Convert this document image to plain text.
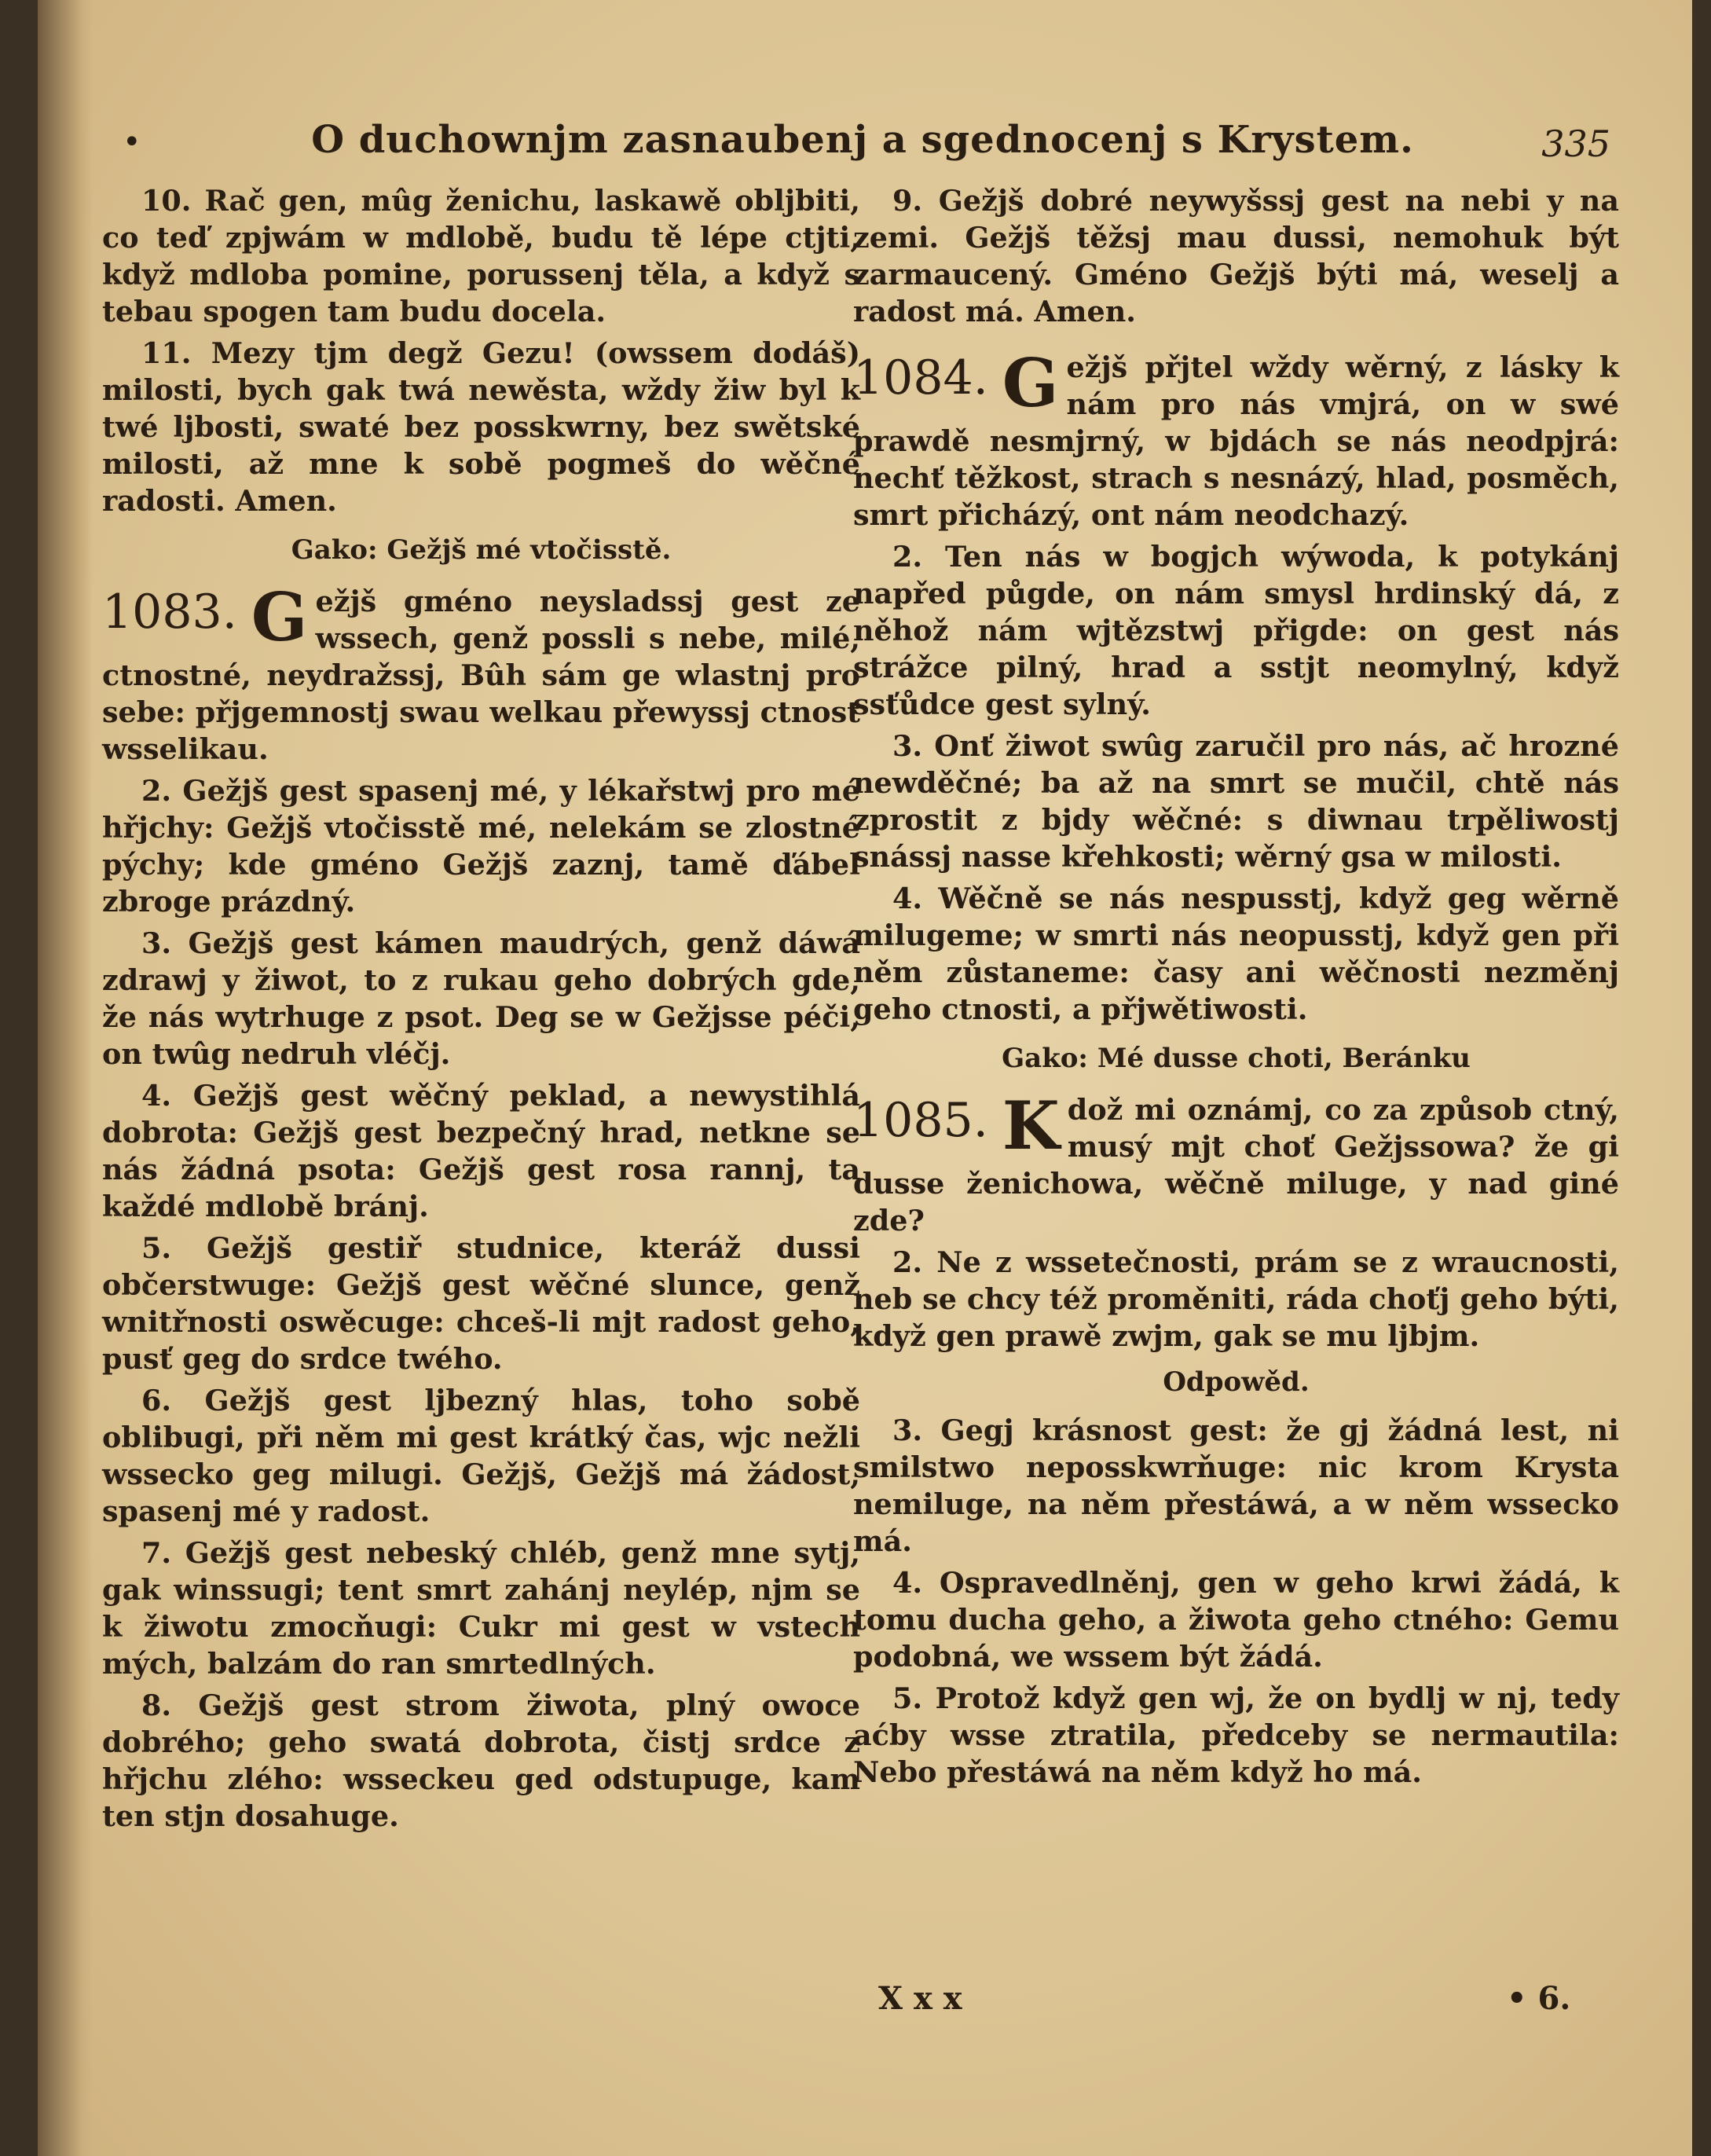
•	O duchownjm zasnaubenj a sgednocenj s Krystem.	335

10. Rač gen, mûg ženichu, laskawě obljbiti, co teď zpjwám w mdlobě, budu tě lépe ctjti, když mdloba pomine, porussenj těla, a když s tebau spogen tam budu docela.

11. Mezy tjm degž Gezu! (owssem dodáš) milosti, bych gak twá newěsta, wždy žiw byl k twé ljbosti, swaté bez posskwrny, bez swětské milosti, až mne k sobě pogmeš do wěčné radosti. Amen.

Gako: Gežjš mé vtočisstě.
1083. G ežjš gméno neysladssj gest ze wssech, genž possli s nebe, milé, ctnostné, neydražssj, Bûh sám ge wlastnj pro sebe: přjgemnostj swau welkau přewyssj ctnost wsselikau.

2. Gežjš gest spasenj mé, y lékařstwj pro mé hřjchy: Gežjš vtočisstě mé, nelekám se zlostné pýchy; kde gméno Gežjš zaznj, tamě ďábel zbroge prázdný.

3. Gežjš gest kámen maudrých, genž dáwá zdrawj y žiwot, to z rukau geho dobrých gde, že nás wytrhuge z psot. Deg se w Gežjsse péči, on twûg nedruh vléčj.

4. Gežjš gest wěčný peklad, a newystihlá dobrota: Gežjš gest bezpečný hrad, netkne se nás žádná psota: Gežjš gest rosa rannj, ta každé mdlobě bránj.

5. Gežjš gestiř studnice, kteráž dussi občerstwuge: Gežjš gest wěčné slunce, genž wnitřnosti oswěcuge: chceš-li mjt radost geho, pusť geg do srdce twého.

6. Gežjš gest ljbezný hlas, toho sobě oblibugi, při něm mi gest krátký čas, wjc nežli wssecko geg milugi. Gežjš, Gežjš má žádost, spasenj mé y radost.

7. Gežjš gest nebeský chléb, genž mne sytj, gak winssugi; tent smrt zahánj neylép, njm se k žiwotu zmocňugi: Cukr mi gest w vstech mých, balzám do ran smrtedlných.

8. Gežjš gest strom žiwota, plný owoce dobrého; geho swatá dobrota, čistj srdce z hřjchu zlého: wsseckeu ged odstupuge, kam ten stjn dosahuge.

9. Gežjš dobré neywyšssj gest na nebi y na zemi. Gežjš těžsj mau dussi, nemohuk být zarmaucený. Gméno Gežjš býti má, weselj a radost má. Amen.

1084. G ežjš přjtel wždy wěrný, z lásky k nám pro nás vmjrá, on w swé prawdě nesmjrný, w bjdách se nás neodpjrá: nechť těžkost, strach s nesnázý, hlad, posměch, smrt přicházý, ont nám neodchazý.

2. Ten nás w bogjch wýwoda, k potykánj napřed půgde, on nám smysl hrdinský dá, z něhož nám wjtězstwj přigde: on gest nás strážce pilný, hrad a sstjt neomylný, když ssťůdce gest sylný.

3. Onť žiwot swûg zaručil pro nás, ač hrozné newděčné; ba až na smrt se mučil, chtě nás zprostit z bjdy wěčné: s diwnau trpěliwostj snássj nasse křehkosti; wěrný gsa w milosti.

4. Wěčně se nás nespusstj, když geg wěrně milugeme; w smrti nás neopusstj, když gen při něm zůstaneme: časy ani wěčnosti nezměnj geho ctnosti, a přjwětiwosti.

Gako: Mé dusse choti, Beránku
1085. K dož mi oznámj, co za způsob ctný, musý mjt choť Gežjssowa? že gi dusse ženichowa, wěčně miluge, y nad giné zde?

2. Ne z wssetečnosti, prám se z wraucnosti, neb se chcy též proměniti, ráda choťj geho býti, když gen prawě zwjm, gak se mu ljbjm.

Odpowěd.

3. Gegj krásnost gest: že gj žádná lest, ni smilstwo neposskwrňuge: nic krom Krysta nemiluge, na něm přestáwá, a w něm wssecko má.

4. Ospravedlněnj, gen w geho krwi žádá, k tomu ducha geho, a žiwota geho ctného: Gemu podobná, we wssem být žádá.

5. Protož když gen wj, že on bydlj w nj, tedy aćby wsse ztratila, předceby se nermautila: Nebo přestáwá na něm když ho má.

X x x	• 6.
